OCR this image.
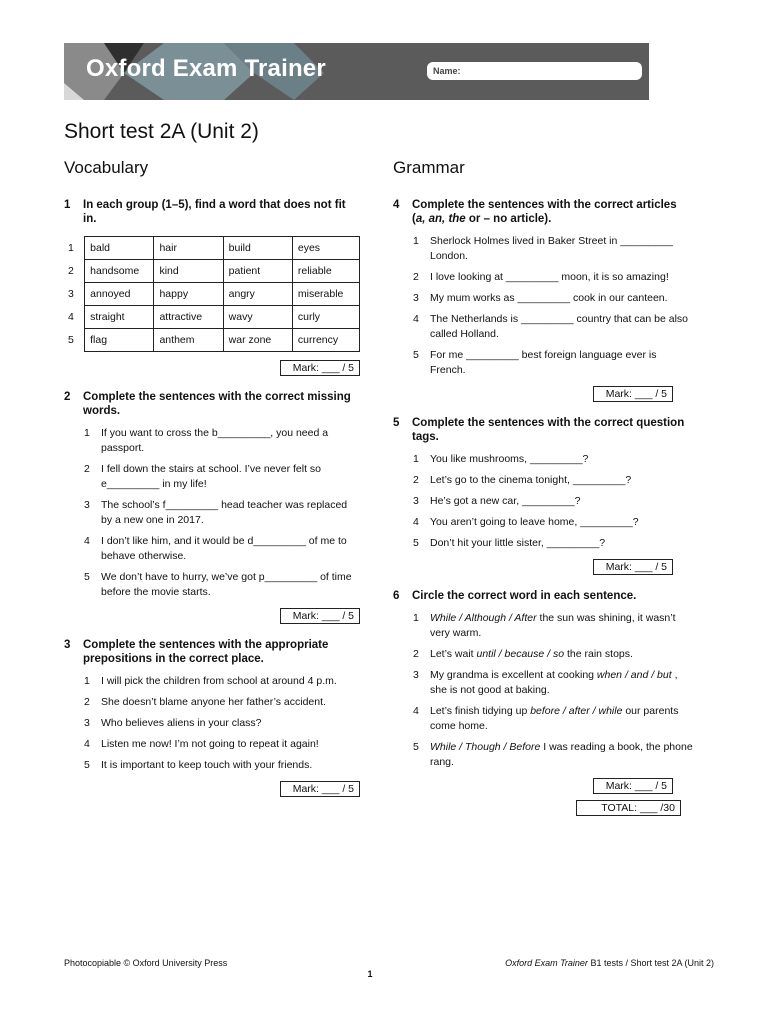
Oxford Exam Trainer	Name:
Short test 2A (Unit 2)
Vocabulary
1	In each group (1–5), find a word that does not fit in.
1	bald	hair	build	eyes
2	handsome	kind	patient	reliable
3	annoyed	happy	angry	miserable
4	straight	attractive	wavy	curly
5	flag	anthem	war zone	currency
Mark: ___ / 5
2	Complete the sentences with the correct missing words.
1	If you want to cross the b_________, you need a passport.
2	I fell down the stairs at school. I’ve never felt so e_________ in my life!
3	The school’s f_________ head teacher was replaced by a new one in 2017.
4	I don’t like him, and it would be d_________ of me to behave otherwise.
5	We don’t have to hurry, we’ve got p_________ of time before the movie starts.
Mark: ___ / 5
3	Complete the sentences with the appropriate prepositions in the correct place.
1	I will pick the children from school at around 4 p.m.
2	She doesn’t blame anyone her father’s accident.
3	Who believes aliens in your class?
4	Listen me now! I’m not going to repeat it again!
5	It is important to keep touch with your friends.
Mark: ___ / 5
Grammar
4	Complete the sentences with the correct articles (a, an, the or – no article).
1	Sherlock Holmes lived in Baker Street in _________ London.
2	I love looking at _________ moon, it is so amazing!
3	My mum works as _________ cook in our canteen.
4	The Netherlands is _________ country that can be also called Holland.
5	For me _________ best foreign language ever is French.
Mark: ___ / 5
5	Complete the sentences with the correct question tags.
1	You like mushrooms, _________?
2	Let’s go to the cinema tonight, _________?
3	He’s got a new car, _________?
4	You aren’t going to leave home, _________?
5	Don’t hit your little sister, _________?
Mark: ___ / 5
6	Circle the correct word in each sentence.
1	While / Although / After the sun was shining, it wasn’t very warm.
2	Let’s wait until / because / so the rain stops.
3	My grandma is excellent at cooking when / and / but , she is not good at baking.
4	Let’s finish tidying up before / after / while our parents come home.
5	While / Though / Before I was reading a book, the phone rang.
Mark: ___ / 5
TOTAL: ___ /30
Photocopiable © Oxford University Press	Oxford Exam Trainer B1 tests / Short test 2A (Unit 2)
1
